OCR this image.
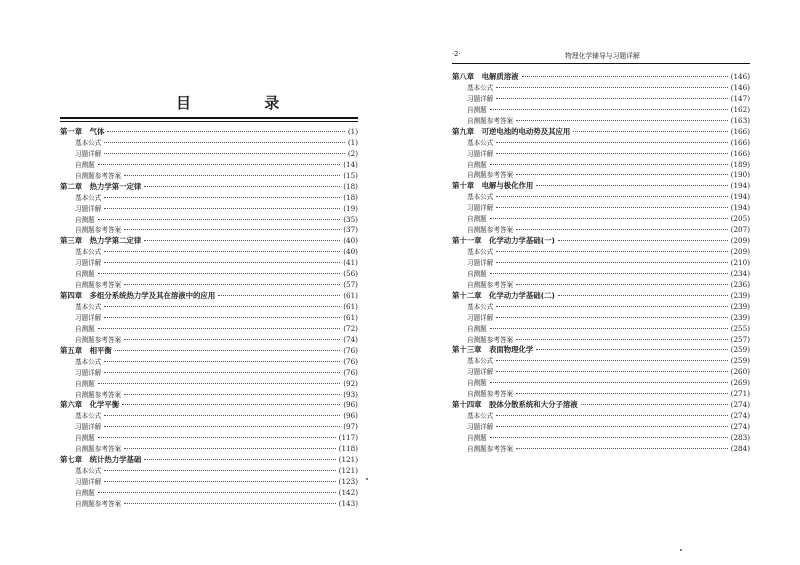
目 录
第一章　气体	(1)
基本公式	(1)
习题详解	(2)
自测题	(14)
自测题参考答案	(15)
第二章　热力学第一定律	(18)
基本公式	(18)
习题详解	(19)
自测题	(35)
自测题参考答案	(37)
第三章　热力学第二定律	(40)
基本公式	(40)
习题详解	(41)
自测题	(56)
自测题参考答案	(57)
第四章　多组分系统热力学及其在溶液中的应用	(61)
基本公式	(61)
习题详解	(61)
自测题	(72)
自测题参考答案	(74)
第五章　相平衡	(76)
基本公式	(76)
习题详解	(76)
自测题	(92)
自测题参考答案	(93)
第六章　化学平衡	(96)
基本公式	(96)
习题详解	(97)
自测题	(117)
自测题参考答案	(118)
第七章　统计热力学基础	(121)
基本公式	(121)
习题详解	(123)
自测题	(142)
自测题参考答案	(143)
·2·	物理化学辅导与习题详解
第八章　电解质溶液	(146)
基本公式	(146)
习题详解	(147)
自测题	(162)
自测题参考答案	(163)
第九章　可逆电池的电动势及其应用	(166)
基本公式	(166)
习题详解	(166)
自测题	(189)
自测题参考答案	(190)
第十章　电解与极化作用	(194)
基本公式	(194)
习题详解	(194)
自测题	(205)
自测题参考答案	(207)
第十一章　化学动力学基础(一)	(209)
基本公式	(209)
习题详解	(210)
自测题	(234)
自测题参考答案	(236)
第十二章　化学动力学基础(二)	(239)
基本公式	(239)
习题详解	(239)
自测题	(255)
自测题参考答案	(257)
第十三章　表面物理化学	(259)
基本公式	(259)
习题详解	(260)
自测题	(269)
自测题参考答案	(271)
第十四章　胶体分散系统和大分子溶液	(274)
基本公式	(274)
习题详解	(274)
自测题	(283)
自测题参考答案	(284)
